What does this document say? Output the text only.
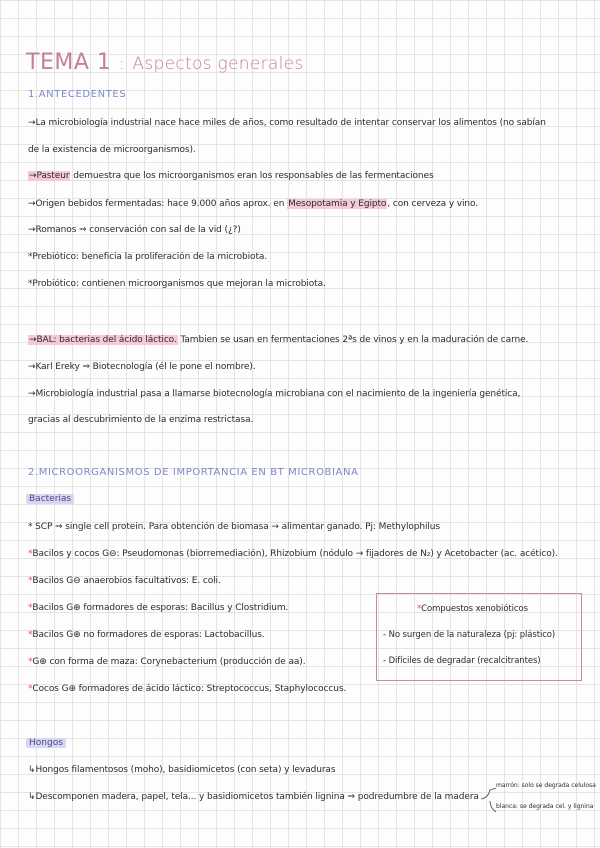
TEMA 1 : Aspectos generales
1.ANTECEDENTES
→La microbiología industrial nace hace miles de años, como resultado de intentar conservar los alimentos (no sabían
de la existencia de microorganismos).
→Pasteur demuestra que los microorganismos eran los responsables de las fermentaciones
→Origen bebidos fermentadas: hace 9.000 años aprox. en Mesopotamia y Egipto, con cerveza y vino.
→Romanos ⇒ conservación con sal de la vid (¿?)
*Prebiótico: beneficia la proliferación de la microbiota.
*Probiótico: contienen microorganismos que mejoran la microbiota.
→BAL: bacterias del ácido láctico. Tambien se usan en fermentaciones 2ªs de vinos y en la maduración de carne.
→Karl Ereky ⇒ Biotecnología (él le pone el nombre).
→Microbiología industrial pasa a llamarse biotecnología microbiana con el nacimiento de la ingeniería genética,
gracias al descubrimiento de la enzima restrictasa.
2.MICROORGANISMOS DE IMPORTANCIA EN BT MICROBIANA
Bacterias
* SCP ⇒ single cell protein. Para obtención de biomasa → alimentar ganado. Pj: Methylophilus
*Bacilos y cocos G⊖: Pseudomonas (biorremediación), Rhizobium (nódulo → fijadores de N₂) y Acetobacter (ac. acético).
*Bacilos G⊖ anaerobios facultativos: E. coli.
*Bacilos G⊕ formadores de esporas: Bacillus y Clostridium.
*Bacilos G⊕ no formadores de esporas: Lactobacillus.
*G⊕ con forma de maza: Corynebacterium (producción de aa).
*Cocos G⊕ formadores de ácido láctico: Streptococcus, Staphylococcus.
*Compuestos xenobióticos
- No surgen de la naturaleza (pj: plástico)
- Difíciles de degradar (recalcitrantes)
Hongos
↳Hongos filamentosos (moho), basidiomicetos (con seta) y levaduras
↳Descomponen madera, papel, tela... y basidiomicetos también lignina ⇒ podredumbre de la madera
marrón: solo se degrada celulosa
blanca: se degrada cel. y lignina
